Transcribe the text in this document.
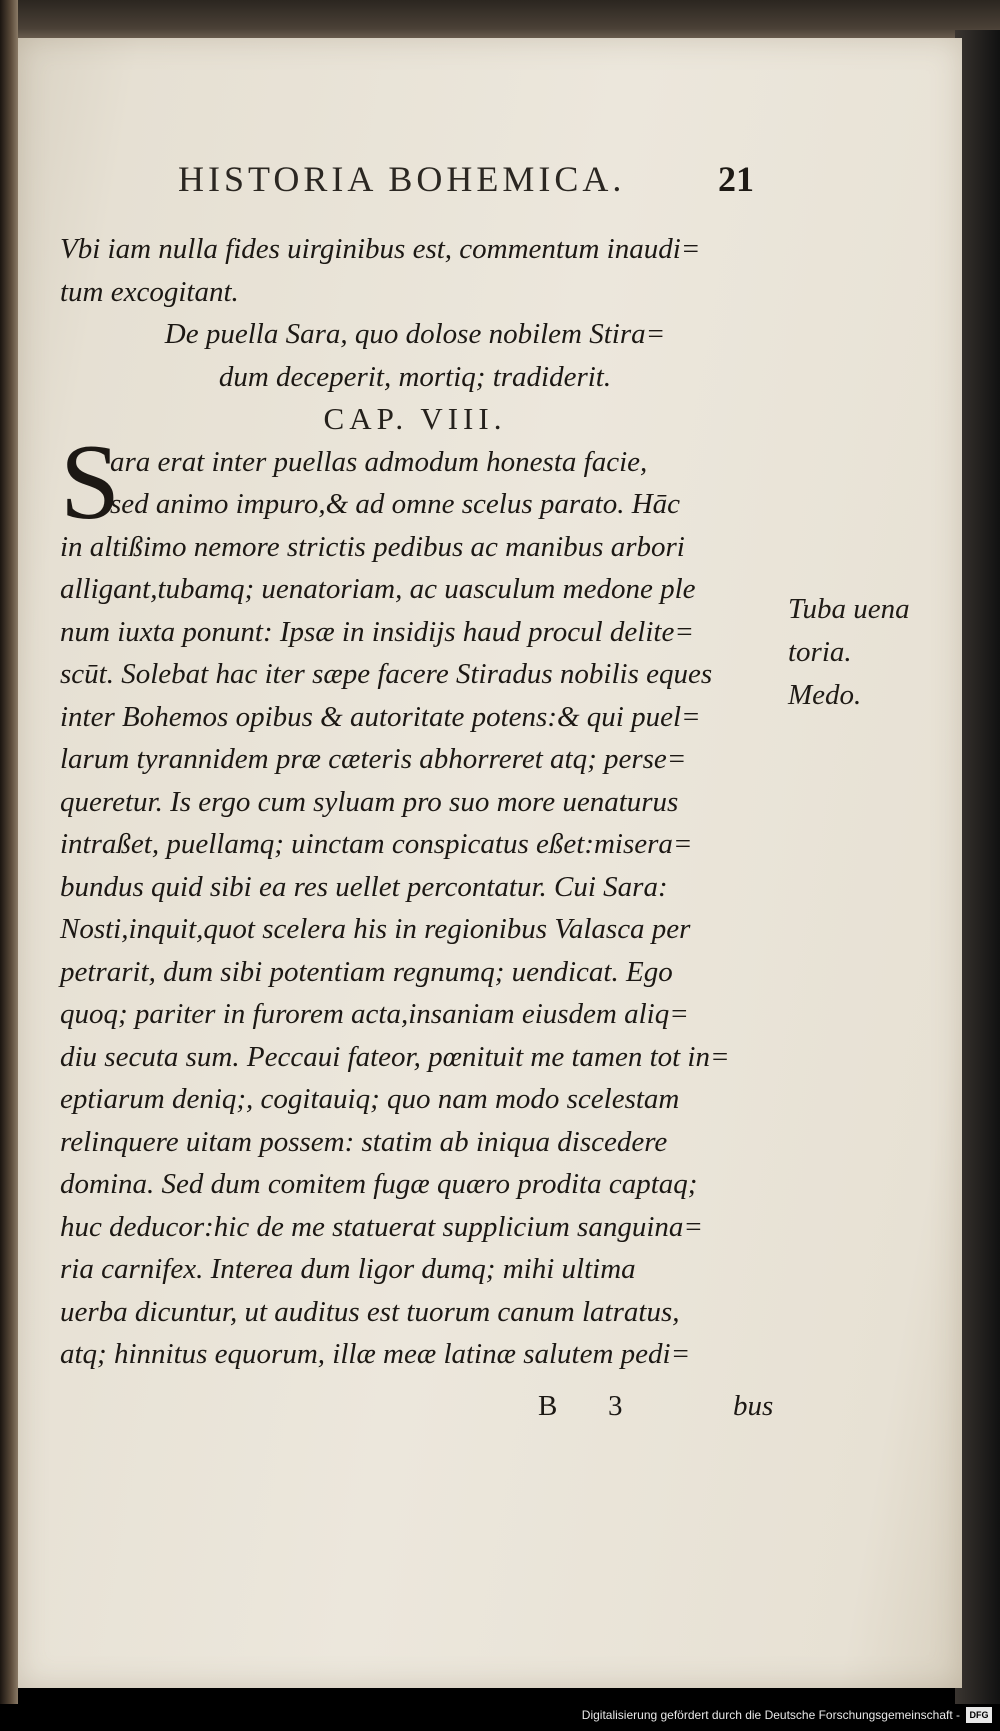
HISTORIA BOHEMICA.	21
Vbi iam nulla fides uirginibus est, commentum inaudi=
tum excogitant.
De puella Sara, quo dolose nobilem Stira=
dum deceperit, mortiq; tradiderit.
CAP. VIII.
S
ara erat inter puellas admodum honesta facie,
sed animo impuro,& ad omne scelus parato. Hāc
in altißimo nemore strictis pedibus ac manibus arbori
alligant,tubamq; uenatoriam, ac uasculum medone ple
num iuxta ponunt: Ipsæ in insidijs haud procul delite=
scūt. Solebat hac iter sæpe facere Stiradus nobilis eques
inter Bohemos opibus & autoritate potens:& qui puel=
larum tyrannidem præ cæteris abhorreret atq; perse=
queretur. Is ergo cum syluam pro suo more uenaturus
intraßet, puellamq; uinctam conspicatus eßet:misera=
bundus quid sibi ea res uellet percontatur. Cui Sara:
Nosti,inquit,quot scelera his in regionibus Valasca per
petrarit, dum sibi potentiam regnumq; uendicat. Ego
quoq; pariter in furorem acta,insaniam eiusdem aliq=
diu secuta sum. Peccaui fateor, pœnituit me tamen tot in=
eptiarum deniq;, cogitauiq; quo nam modo scelestam
relinquere uitam possem: statim ab iniqua discedere
domina. Sed dum comitem fugæ quæro prodita captaq;
huc deducor:hic de me statuerat supplicium sanguina=
ria carnifex. Interea dum ligor dumq; mihi ultima
uerba dicuntur, ut auditus est tuorum canum latratus,
atq; hinnitus equorum, illæ meæ latinæ salutem pedi=
Tuba uena
toria.
Medo.
B 3	bus
Digitalisierung gefördert durch die Deutsche Forschungsgemeinschaft -	DFG
